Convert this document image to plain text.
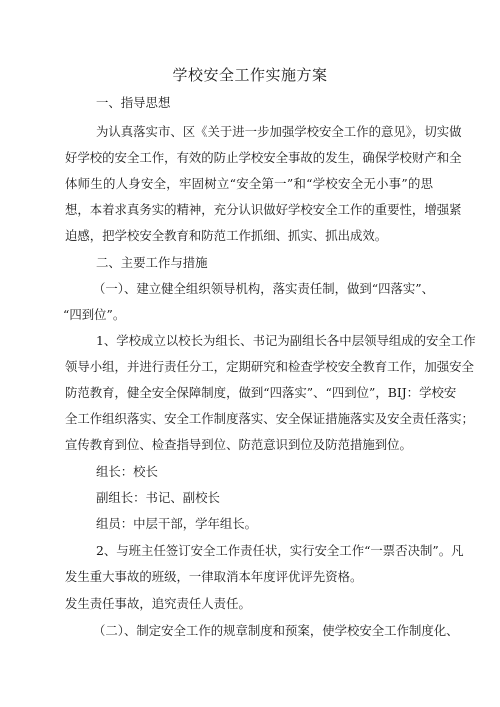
学校安全工作实施方案
一、指导思想
为认真落实市、区《关于进一步加强学校安全工作的意见》，切实做
好学校的安全工作，有效的防止学校安全事故的发生，确保学校财产和全
体师生的人身安全，牢固树立“安全第一”和“学校安全无小事”的思
想，本着求真务实的精神，充分认识做好学校安全工作的重要性，增强紧
迫感，把学校安全教育和防范工作抓细、抓实、抓出成效。
二、主要工作与措施
（一）、建立健全组织领导机构，落实责任制，做到“四落实”、
“四到位”。
1、学校成立以校长为组长、书记为副组长各中层领导组成的安全工作
领导小组，并进行责任分工，定期研究和检查学校安全教育工作，加强安全
防范教育，健全安全保障制度，做到“四落实”、“四到位”，BIJ：学校安
全工作组织落实、安全工作制度落实、安全保证措施落实及安全责任落实；
宣传教育到位、检查指导到位、防范意识到位及防范措施到位。
组长：校长
副组长：书记、副校长
组员：中层干部，学年组长。
2、与班主任签订安全工作责任状，实行安全工作“一票否决制”。凡
发生重大事故的班级，一律取消本年度评优评先资格。
发生责任事故，追究责任人责任。
（二）、制定安全工作的规章制度和预案，使学校安全工作制度化、
